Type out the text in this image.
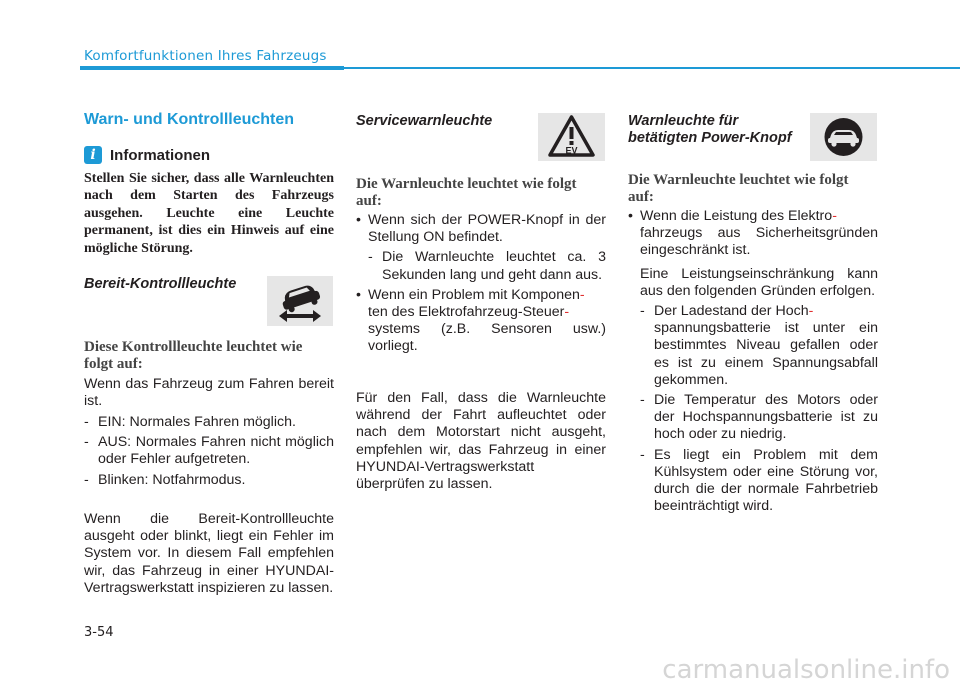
Komfortfunktionen Ihres Fahrzeugs
Warn- und Kontrollleuchten
i Informationen
Stellen Sie sicher, dass alle Warnleuchten nach dem Starten des Fahrzeugs ausgehen. Leuchte eine Leuchte permanent, ist dies ein Hinweis auf eine mögliche Störung.
Bereit-Kontrollleuchte
Diese Kontrollleuchte leuchtet wie folgt auf:
Wenn das Fahrzeug zum Fahren bereit ist.
- EIN: Normales Fahren möglich.
- AUS: Normales Fahren nicht möglich oder Fehler aufgetreten.
- Blinken: Notfahrmodus.
Wenn die Bereit-Kontrollleuchte ausgeht oder blinkt, liegt ein Fehler im System vor. In diesem Fall empfehlen wir, das Fahrzeug in einer HYUNDAI-Vertragswerkstatt inspizieren zu lassen.
Servicewarnleuchte
EV
Die Warnleuchte leuchtet wie folgt auf:
• Wenn sich der POWER-Knopf in der Stellung ON befindet.
- Die Warnleuchte leuchtet ca. 3 Sekunden lang und geht dann aus.
• Wenn ein Problem mit Komponen-
ten des Elektrofahrzeug-Steuer-
systems (z.B. Sensoren usw.) vorliegt.
Für den Fall, dass die Warnleuchte während der Fahrt aufleuchtet oder nach dem Motorstart nicht ausgeht, empfehlen wir, das Fahrzeug in einer HYUNDAI-Vertragswerkstatt überprüfen zu lassen.
Warnleuchte für
betätigten Power-Knopf
Die Warnleuchte leuchtet wie folgt auf:
• Wenn die Leistung des Elektro-
fahrzeugs aus Sicherheitsgründen eingeschränkt ist.
Eine Leistungseinschränkung kann aus den folgenden Gründen erfolgen.
- Der Ladestand der Hoch-
spannungsbatterie ist unter ein bestimmtes Niveau gefallen oder es ist zu einem Spannungsabfall gekommen.
- Die Temperatur des Motors oder der Hochspannungsbatterie ist zu hoch oder zu niedrig.
- Es liegt ein Problem mit dem Kühlsystem oder eine Störung vor, durch die der normale Fahrbetrieb beeinträchtigt wird.
3-54
carmanualsonline.info
